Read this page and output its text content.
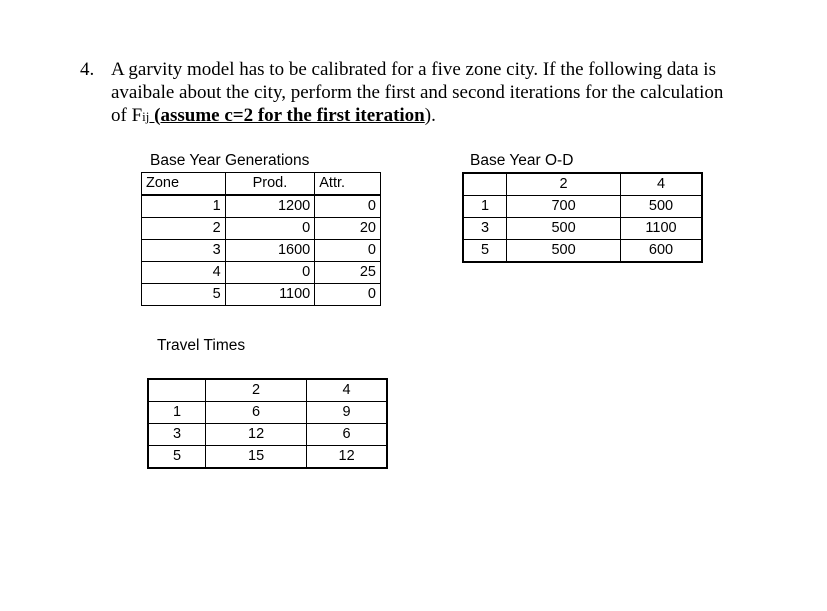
4. A garvity model has to be calibrated for a five zone city. If the following data is
avaibale about the city, perform the first and second iterations for the calculation
of Fij (assume c=2 for the first iteration).
Base Year Generations
Zone	Prod.	Attr.
1	1200	0
2	0	20
3	1600	0
4	0	25
5	1100	0
Base Year O-D
	2	4
1	700	500
3	500	1100
5	500	600
Travel Times
	2	4
1	6	9
3	12	6
5	15	12
